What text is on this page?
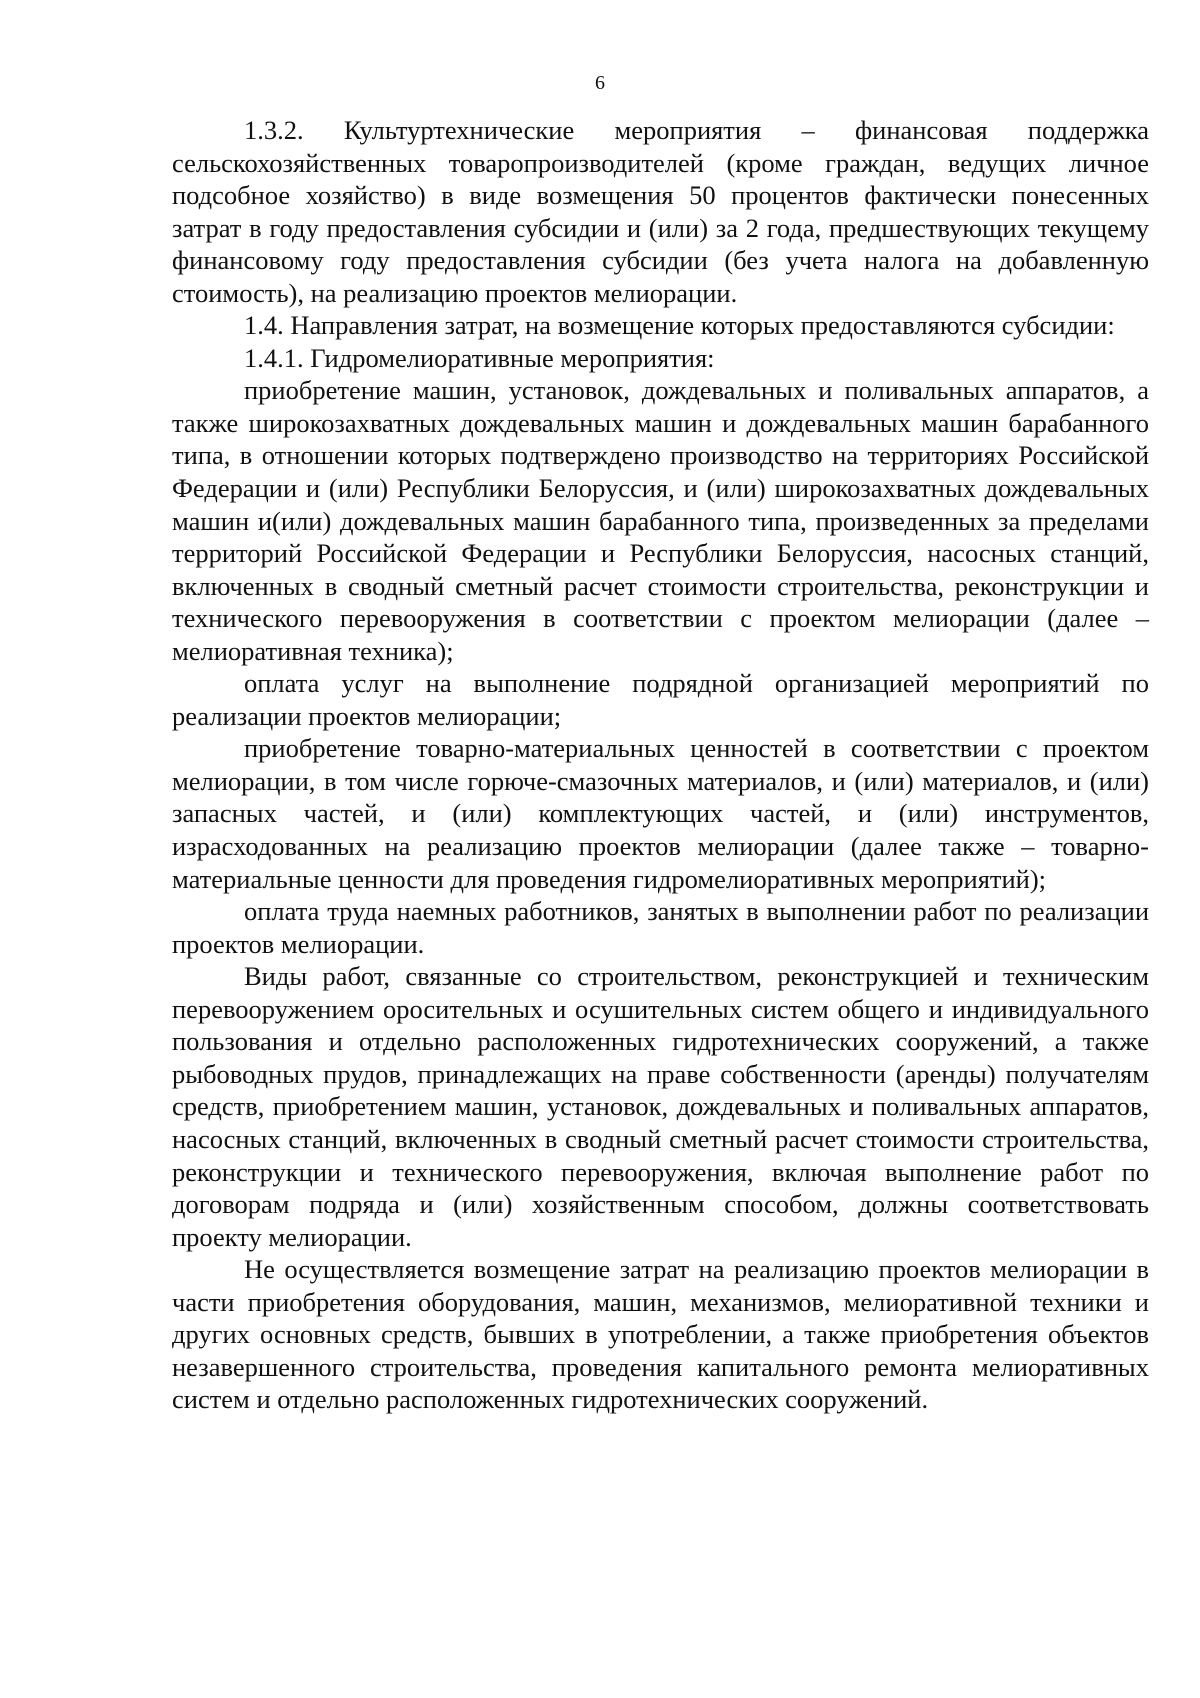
6

1.3.2. Культуртехнические мероприятия – финансовая поддержка сельскохозяйственных товаропроизводителей (кроме граждан, ведущих личное подсобное хозяйство) в виде возмещения 50 процентов фактически понесенных затрат в году предоставления субсидии и (или) за 2 года, предшествующих текущему финансовому году предоставления субсидии (без учета налога на добавленную стоимость), на реализацию проектов мелиорации.

1.4. Направления затрат, на возмещение которых предоставляются субсидии:

1.4.1. Гидромелиоративные мероприятия:

приобретение машин, установок, дождевальных и поливальных аппаратов, а также широкозахватных дождевальных машин и дождевальных машин барабанного типа, в отношении которых подтверждено производство на территориях Российской Федерации и (или) Республики Белоруссия, и (или) широкозахватных дождевальных машин и(или) дождевальных машин барабанного типа, произведенных за пределами территорий Российской Федерации и Республики Белоруссия, насосных станций, включенных в сводный сметный расчет стоимости строительства, реконструкции и технического перевооружения в соответствии с проектом мелиорации (далее – мелиоративная техника);

оплата услуг на выполнение подрядной организацией мероприятий по реализации проектов мелиорации;

приобретение товарно-материальных ценностей в соответствии с проектом мелиорации, в том числе горюче-смазочных материалов, и (или) материалов, и (или) запасных частей, и (или) комплектующих частей, и (или) инструментов, израсходованных на реализацию проектов мелиорации (далее также – товарно-материальные ценности для проведения гидромелиоративных мероприятий);

оплата труда наемных работников, занятых в выполнении работ по реализации проектов мелиорации.

Виды работ, связанные со строительством, реконструкцией и техническим перевооружением оросительных и осушительных систем общего и индивидуального пользования и отдельно расположенных гидротехнических сооружений, а также рыбоводных прудов, принадлежащих на праве собственности (аренды) получателям средств, приобретением машин, установок, дождевальных и поливальных аппаратов, насосных станций, включенных в сводный сметный расчет стоимости строительства, реконструкции и технического перевооружения, включая выполнение работ по договорам подряда и (или) хозяйственным способом, должны соответствовать проекту мелиорации.

Не осуществляется возмещение затрат на реализацию проектов мелиорации в части приобретения оборудования, машин, механизмов, мелиоративной техники и других основных средств, бывших в употреблении, а также приобретения объектов незавершенного строительства, проведения капитального ремонта мелиоративных систем и отдельно расположенных гидротехнических сооружений.
